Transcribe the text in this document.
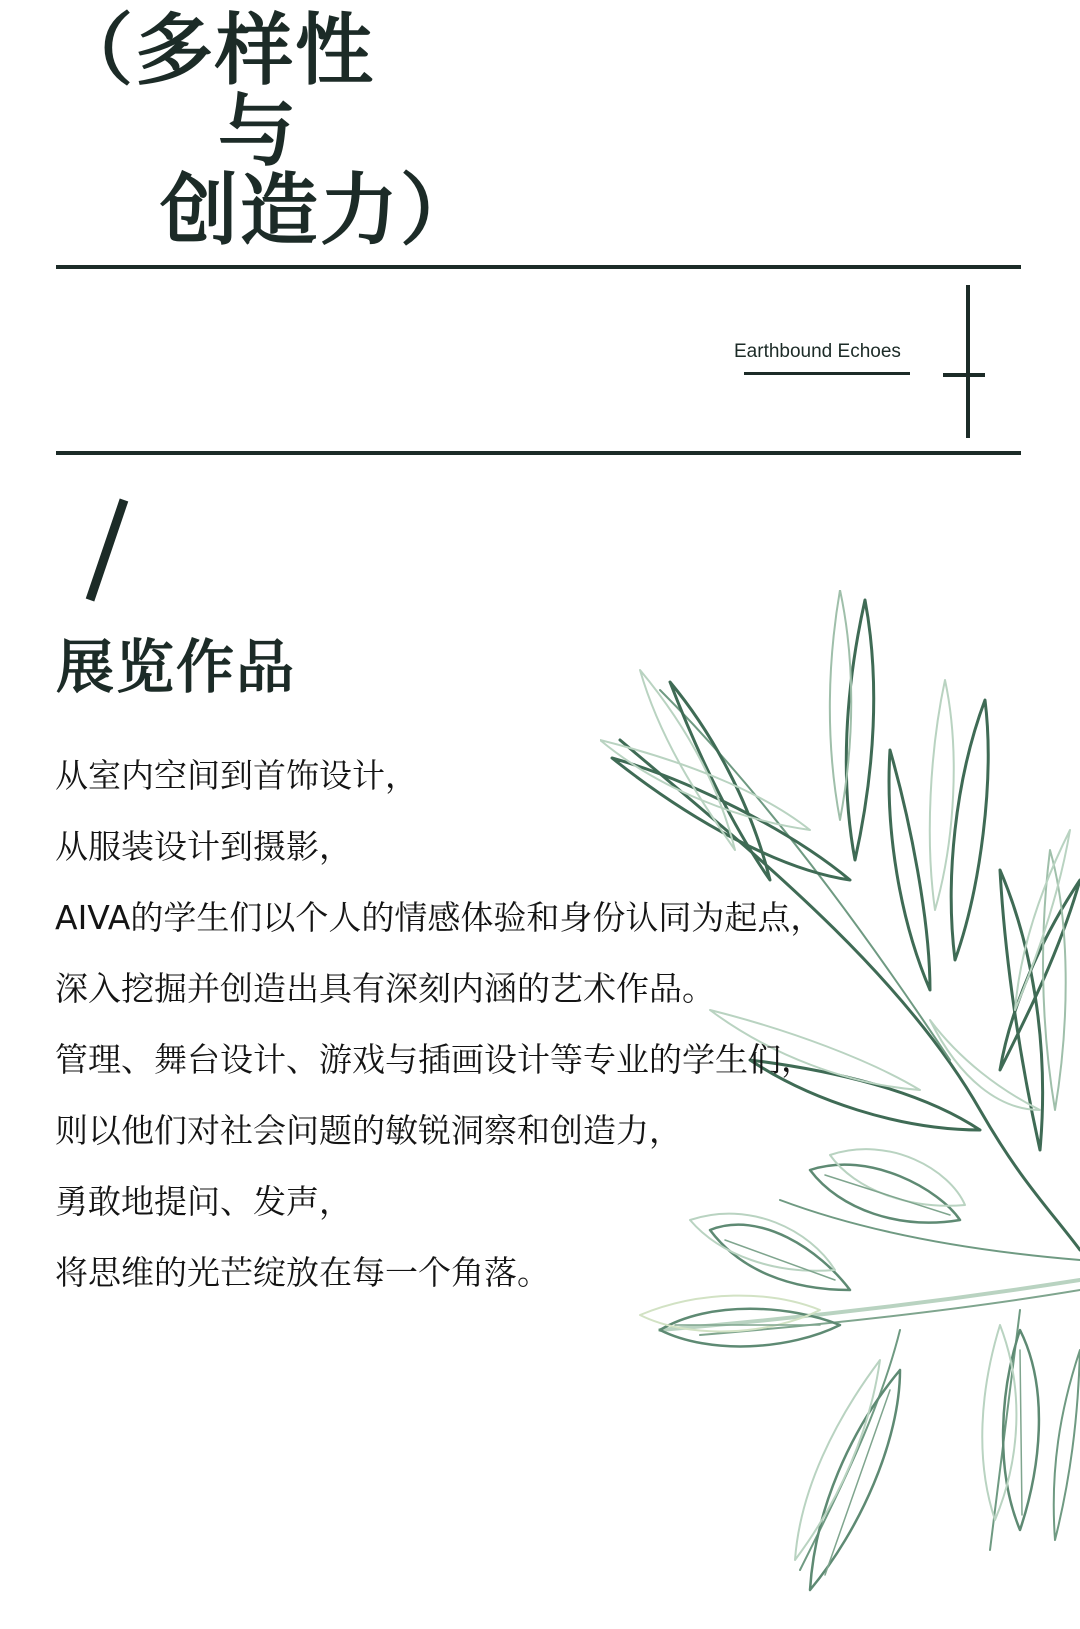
（多样性
与
创造力）
Earthbound Echoes
展览作品
从室内空间到首饰设计，
从服装设计到摄影，
AIVA的学生们以个人的情感体验和身份认同为起点，
深入挖掘并创造出具有深刻内涵的艺术作品。
管理、舞台设计、游戏与插画设计等专业的学生们，
则以他们对社会问题的敏锐洞察和创造力，
勇敢地提问、发声，
将思维的光芒绽放在每一个角落。
